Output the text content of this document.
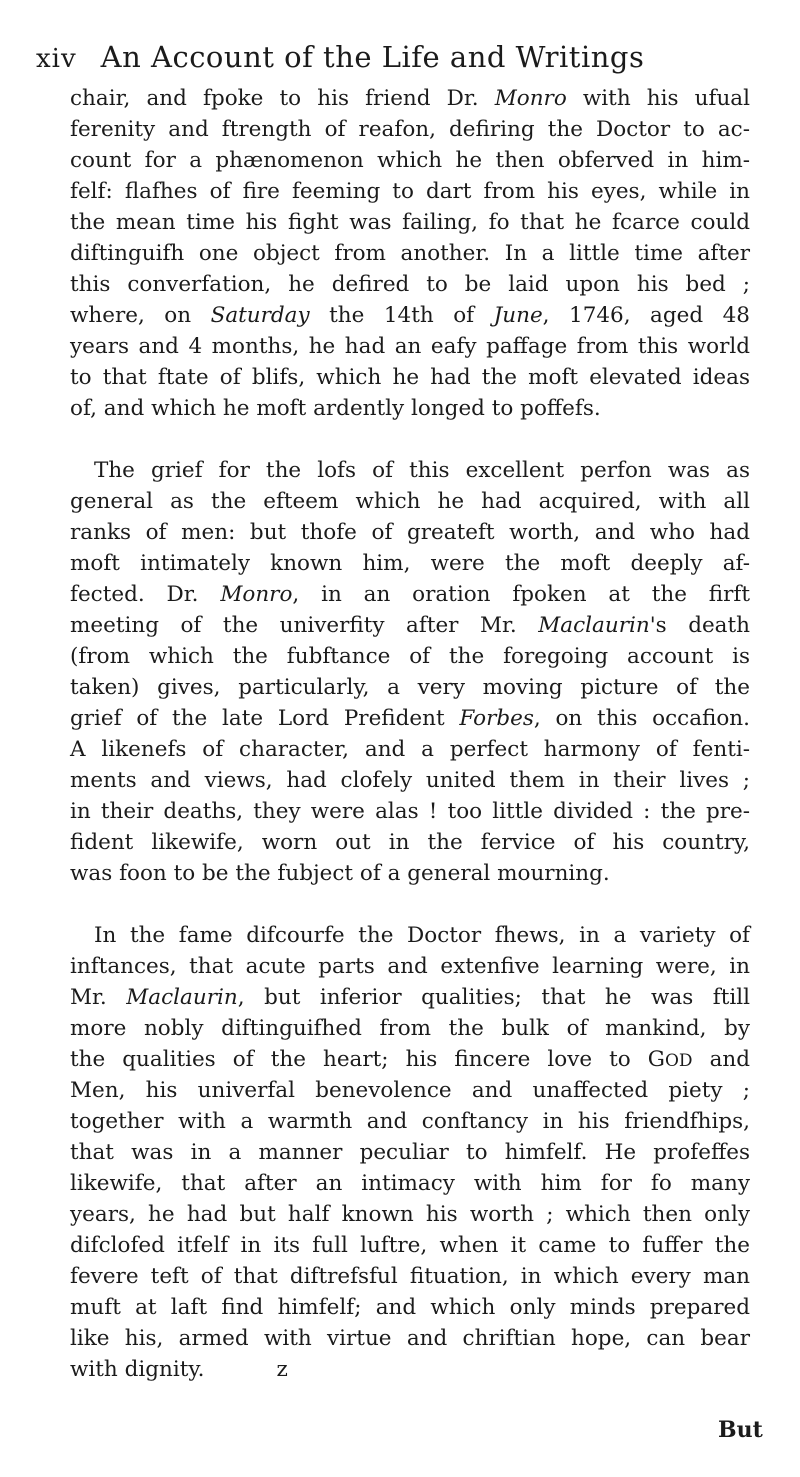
xiv An Account of the Life and Writings
chair, and fpoke to his friend Dr. Monro with his ufual
ferenity and ftrength of reafon, defiring the Doctor to ac-
count for a phænomenon which he then obferved in him-
felf: flafhes of fire feeming to dart from his eyes, while in
the mean time his fight was failing, fo that he fcarce could
diftinguifh one object from another. In a little time after
this converfation, he defired to be laid upon his bed ;
where, on Saturday the 14th of June, 1746, aged 48
years and 4 months, he had an eafy paffage from this world
to that ftate of blifs, which he had the moft elevated ideas
of, and which he moft ardently longed to poffefs.
The grief for the lofs of this excellent perfon was as
general as the efteem which he had acquired, with all
ranks of men: but thofe of greateft worth, and who had
moft intimately known him, were the moft deeply af-
fected. Dr. Monro, in an oration fpoken at the firft
meeting of the univerfity after Mr. Maclaurin's death
(from which the fubftance of the foregoing account is
taken) gives, particularly, a very moving picture of the
grief of the late Lord Prefident Forbes, on this occafion.
A likenefs of character, and a perfect harmony of fenti-
ments and views, had clofely united them in their lives ;
in their deaths, they were alas ! too little divided : the pre-
fident likewife, worn out in the fervice of his country,
was foon to be the fubject of a general mourning.
In the fame difcourfe the Doctor fhews, in a variety of
inftances, that acute parts and extenfive learning were, in
Mr. Maclaurin, but inferior qualities; that he was ftill
more nobly diftinguifhed from the bulk of mankind, by
the qualities of the heart; his fincere love to GOD and
Men, his univerfal benevolence and unaffected piety ;
together with a warmth and conftancy in his friendfhips,
that was in a manner peculiar to himfelf. He profeffes
likewife, that after an intimacy with him for fo many
years, he had but half known his worth ; which then only
difclofed itfelf in its full luftre, when it came to fuffer the
fevere teft of that diftrefsful fituation, in which every man
muft at laft find himfelf; and which only minds prepared
like his, armed with virtue and chriftian hope, can bear
with dignity.	z
But
